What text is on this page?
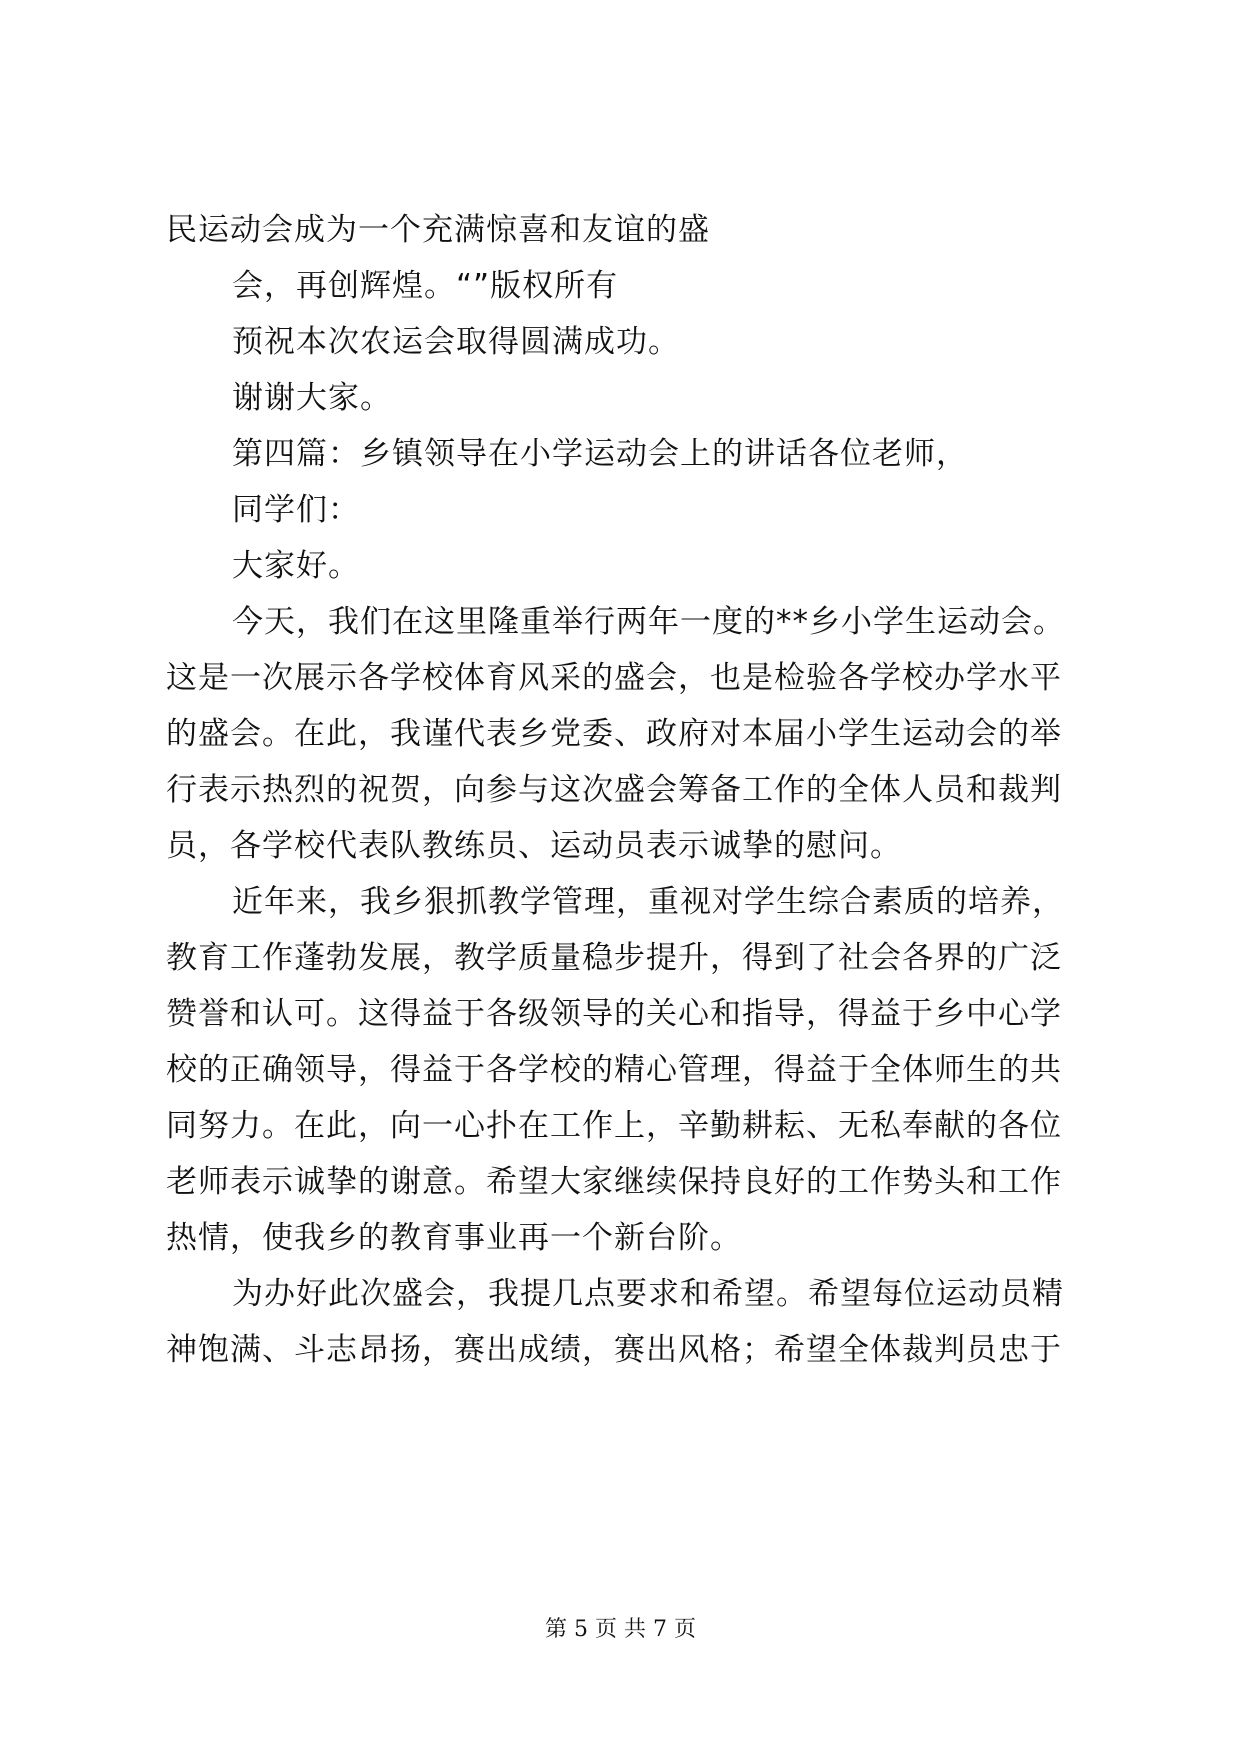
民运动会成为一个充满惊喜和友谊的盛
会，再创辉煌。“”版权所有
预祝本次农运会取得圆满成功。
谢谢大家。
第四篇：乡镇领导在小学运动会上的讲话各位老师，
同学们：
大家好。
今天，我们在这里隆重举行两年一度的**乡小学生运动会。
这是一次展示各学校体育风采的盛会，也是检验各学校办学水平
的盛会。在此，我谨代表乡党委、政府对本届小学生运动会的举
行表示热烈的祝贺，向参与这次盛会筹备工作的全体人员和裁判
员，各学校代表队教练员、运动员表示诚挚的慰问。
近年来，我乡狠抓教学管理，重视对学生综合素质的培养，
教育工作蓬勃发展，教学质量稳步提升，得到了社会各界的广泛
赞誉和认可。这得益于各级领导的关心和指导，得益于乡中心学
校的正确领导，得益于各学校的精心管理，得益于全体师生的共
同努力。在此，向一心扑在工作上，辛勤耕耘、无私奉献的各位
老师表示诚挚的谢意。希望大家继续保持良好的工作势头和工作
热情，使我乡的教育事业再一个新台阶。
为办好此次盛会，我提几点要求和希望。希望每位运动员精
神饱满、斗志昂扬，赛出成绩，赛出风格；希望全体裁判员忠于
第 5 页 共 7 页
